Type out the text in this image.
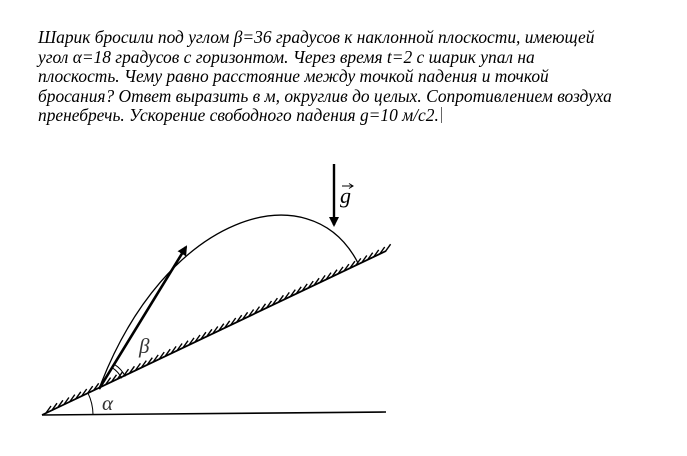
Шарик бросили под углом β=36 градусов к наклонной плоскости, имеющей
угол α=18 градусов с горизонтом. Через время t=2 с шарик упал на
плоскость. Чему равно расстояние между точкой падения и точкой
бросания? Ответ выразить в м, округлив до целых. Сопротивлением воздуха
пренебречь. Ускорение свободного падения g=10 м/с2.
g
β
α
